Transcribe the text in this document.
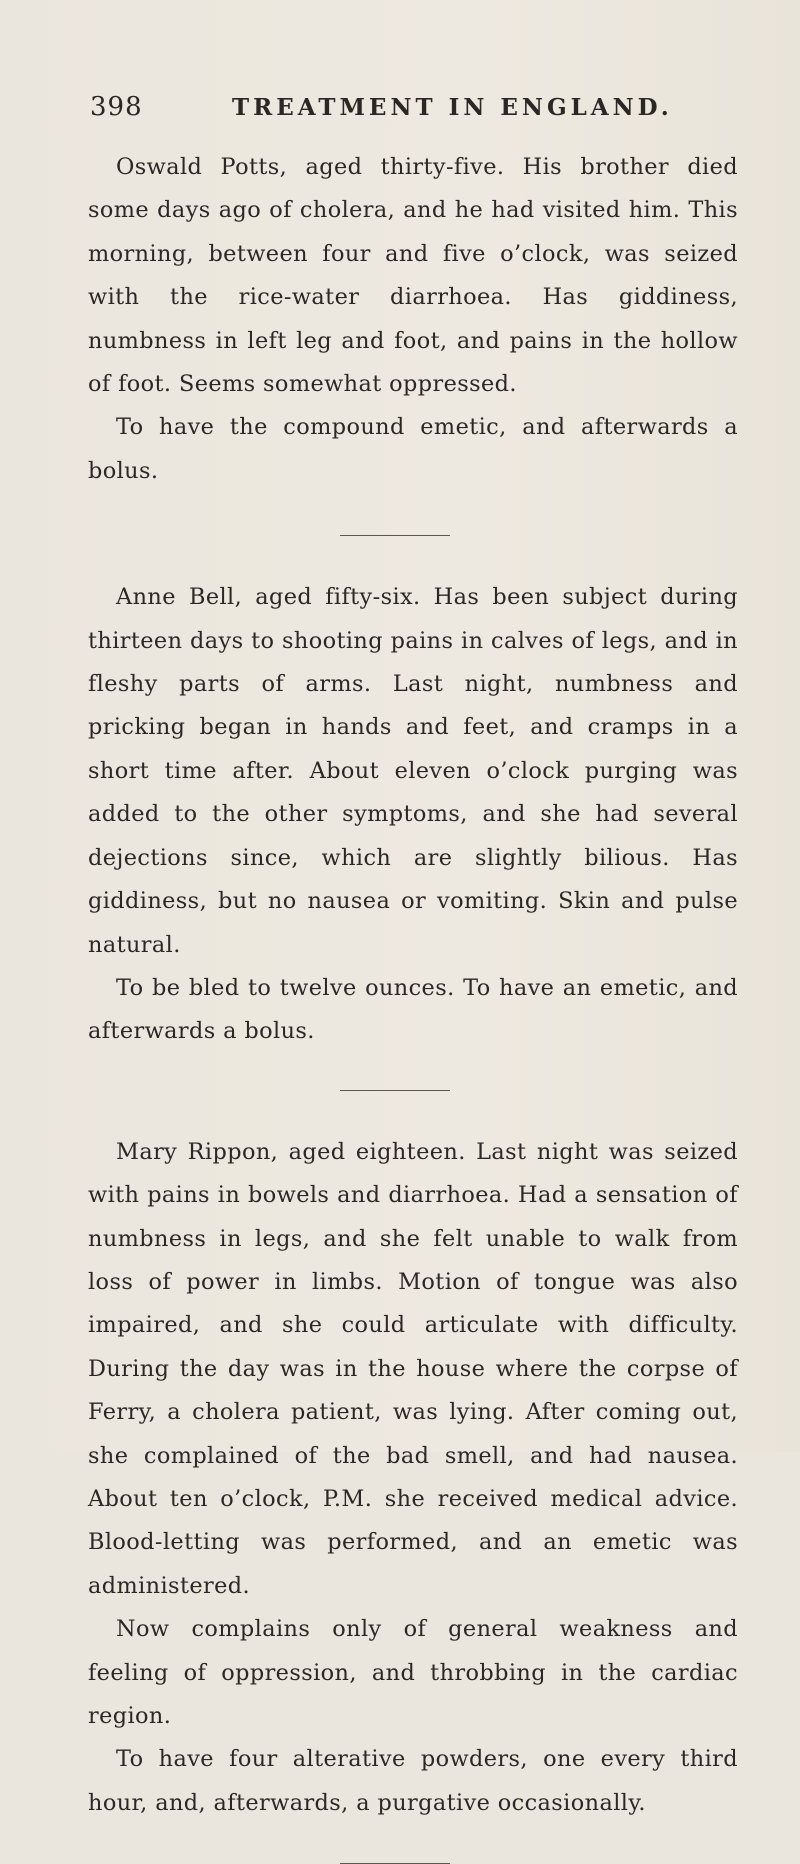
398	TREATMENT IN ENGLAND.

Oswald Potts, aged thirty-five. His brother died some days ago of cholera, and he had visited him. This morning, between four and five o’clock, was seized with the rice-water diarrhoea. Has giddiness, numbness in left leg and foot, and pains in the hollow of foot. Seems somewhat oppressed.

To have the compound emetic, and afterwards a bolus.

Anne Bell, aged fifty-six. Has been subject during thirteen days to shooting pains in calves of legs, and in fleshy parts of arms. Last night, numbness and pricking began in hands and feet, and cramps in a short time after. About eleven o’clock purging was added to the other symptoms, and she had several dejections since, which are slightly bilious. Has giddiness, but no nausea or vomiting. Skin and pulse natural.

To be bled to twelve ounces. To have an emetic, and afterwards a bolus.

Mary Rippon, aged eighteen. Last night was seized with pains in bowels and diarrhoea. Had a sensation of numbness in legs, and she felt unable to walk from loss of power in limbs. Motion of tongue was also impaired, and she could articulate with difficulty. During the day was in the house where the corpse of Ferry, a cholera patient, was lying. After coming out, she complained of the bad smell, and had nausea. About ten o’clock, P.M. she received medical advice. Blood-letting was performed, and an emetic was administered.

Now complains only of general weakness and feeling of oppression, and throbbing in the cardiac region.

To have four alterative powders, one every third hour, and, afterwards, a purgative occasionally.
